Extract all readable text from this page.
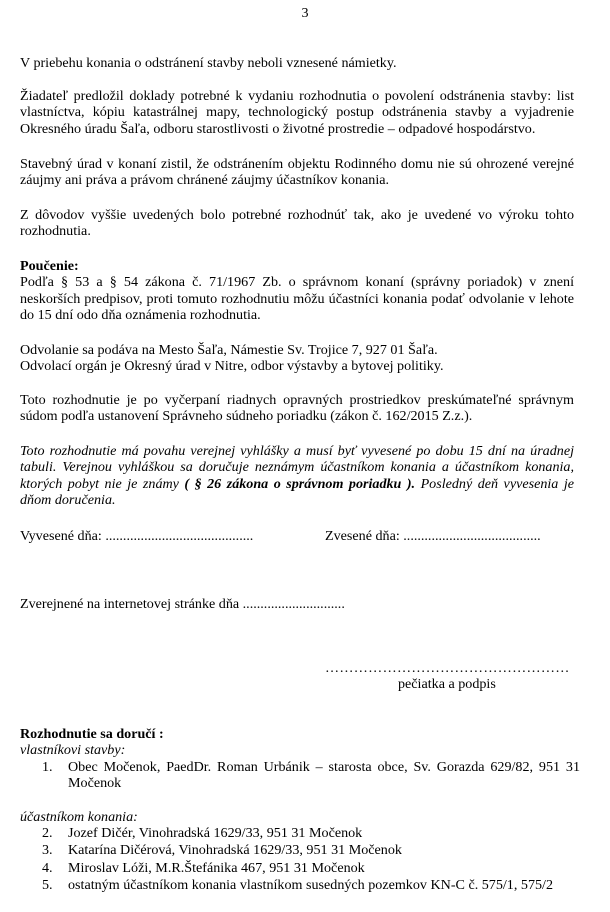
3

V priebehu konania o odstránení stavby neboli vznesené námietky.

Žiadateľ predložil doklady potrebné k vydaniu rozhodnutia o povolení odstránenia stavby: list vlastníctva, kópiu katastrálnej mapy, technologický postup odstránenia stavby a vyjadrenie Okresného úradu Šaľa, odboru starostlivosti o životné prostredie – odpadové hospodárstvo.

Stavebný úrad v konaní zistil, že odstránením objektu Rodinného domu nie sú ohrozené verejné záujmy ani práva a právom chránené záujmy účastníkov konania.

Z dôvodov vyššie uvedených bolo potrebné rozhodnúť tak, ako je uvedené vo výroku tohto rozhodnutia.

Poučenie:

Podľa § 53 a § 54 zákona č. 71/1967 Zb. o správnom konaní (správny poriadok) v znení neskorších predpisov, proti tomuto rozhodnutiu môžu účastníci konania podať odvolanie v lehote do 15 dní odo dňa oznámenia rozhodnutia.

Odvolanie sa podáva na Mesto Šaľa, Námestie Sv. Trojice 7, 927 01 Šaľa.

Odvolací orgán je Okresný úrad v Nitre, odbor výstavby a bytovej politiky.

Toto rozhodnutie je po vyčerpaní riadnych opravných prostriedkov preskúmateľné správnym súdom podľa ustanovení Správneho súdneho poriadku (zákon č. 162/2015 Z.z.).

Toto rozhodnutie má povahu verejnej vyhlášky a musí byť vyvesené po dobu 15 dní na úradnej tabuli. Verejnou vyhláškou sa doručuje neznámym účastníkom konania a účastníkom konania, ktorých pobyt nie je známy ( § 26 zákona o správnom poriadku ). Posledný deň vyvesenia je dňom doručenia.

Vyvesené dňa: ..........................................	Zvesené dňa: .......................................
Zverejnené na internetovej stránke dňa .............................
……………………………………………
pečiatka a podpis
Rozhodnutie sa doručí :
vlastníkovi stavby:
1. Obec Močenok, PaedDr. Roman Urbánik – starosta obce, Sv. Gorazda 629/82, 951 31 Močenok
účastníkom konania:
2. Jozef Dičér, Vinohradská 1629/33, 951 31 Močenok
3. Katarína Dičérová, Vinohradská 1629/33, 951 31 Močenok
4. Miroslav Lóži, M.R.Štefánika 467, 951 31 Močenok
5. ostatným účastníkom konania vlastníkom susedných pozemkov KN-C č. 575/1, 575/2
